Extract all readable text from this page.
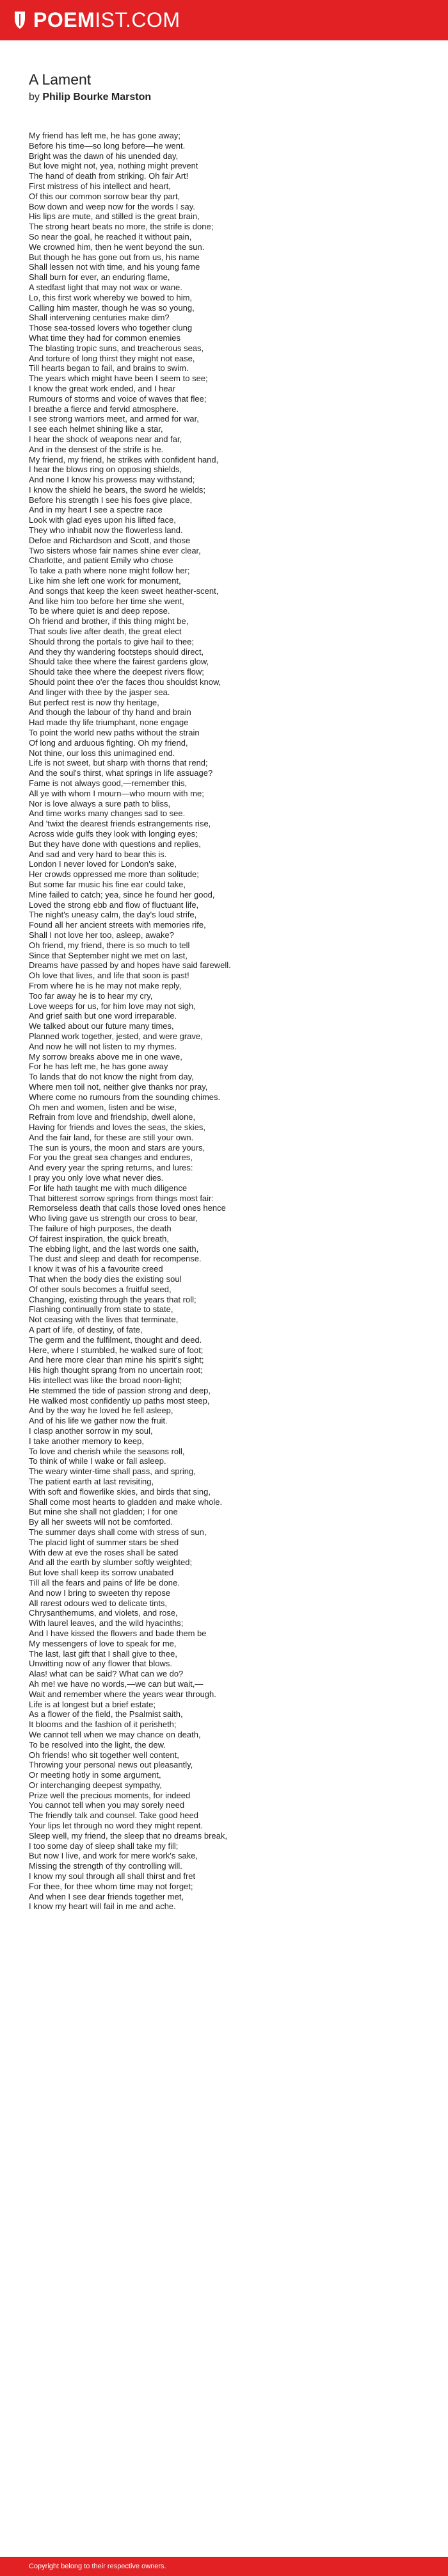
POEMIST.COM
A Lament
by Philip Bourke Marston
My friend has left me, he has gone away;
Before his time—so long before—he went.
Bright was the dawn of his unended day,
But love might not, yea, nothing might prevent
The hand of death from striking. Oh fair Art!
First mistress of his intellect and heart,
Of this our common sorrow bear thy part,
Bow down and weep now for the words I say.
His lips are mute, and stilled is the great brain,
The strong heart beats no more, the strife is done;
So near the goal, he reached it without pain,
We crowned him, then he went beyond the sun.
But though he has gone out from us, his name
Shall lessen not with time, and his young fame
Shall burn for ever, an enduring flame,
A stedfast light that may not wax or wane.
Lo, this first work whereby we bowed to him,
Calling him master, though he was so young,
Shall intervening centuries make dim?
Those sea-tossed lovers who together clung
What time they had for common enemies
The blasting tropic suns, and treacherous seas,
And torture of long thirst they might not ease,
Till hearts began to fail, and brains to swim.
The years which might have been I seem to see;
I know the great work ended, and I hear
Rumours of storms and voice of waves that flee;
I breathe a fierce and fervid atmosphere.
I see strong warriors meet, and armed for war,
I see each helmet shining like a star,
I hear the shock of weapons near and far,
And in the densest of the strife is he.
My friend, my friend, he strikes with confident hand,
I hear the blows ring on opposing shields,
And none I know his prowess may withstand;
I know the shield he bears, the sword he wields;
Before his strength I see his foes give place,
And in my heart I see a spectre race
Look with glad eyes upon his lifted face,
They who inhabit now the flowerless land.
Defoe and Richardson and Scott, and those
Two sisters whose fair names shine ever clear,
Charlotte, and patient Emily who chose
To take a path where none might follow her;
Like him she left one work for monument,
And songs that keep the keen sweet heather-scent,
And like him too before her time she went,
To be where quiet is and deep repose.
Oh friend and brother, if this thing might be,
That souls live after death, the great elect
Should throng the portals to give hail to thee;
And they thy wandering footsteps should direct,
Should take thee where the fairest gardens glow,
Should take thee where the deepest rivers flow;
Should point thee o'er the faces thou shouldst know,
And linger with thee by the jasper sea.
But perfect rest is now thy heritage,
And though the labour of thy hand and brain
Had made thy life triumphant, none engage
To point the world new paths without the strain
Of long and arduous fighting. Oh my friend,
Not thine, our loss this unimagined end.
Life is not sweet, but sharp with thorns that rend;
And the soul's thirst, what springs in life assuage?
Fame is not always good,—remember this,
All ye with whom I mourn—who mourn with me;
Nor is love always a sure path to bliss,
And time works many changes sad to see.
And 'twixt the dearest friends estrangements rise,
Across wide gulfs they look with longing eyes;
But they have done with questions and replies,
And sad and very hard to bear this is.
London I never loved for London's sake,
Her crowds oppressed me more than solitude;
But some far music his fine ear could take,
Mine failed to catch; yea, since he found her good,
Loved the strong ebb and flow of fluctuant life,
The night's uneasy calm, the day's loud strife,
Found all her ancient streets with memories rife,
Shall I not love her too, asleep, awake?
Oh friend, my friend, there is so much to tell
Since that September night we met on last,
Dreams have passed by and hopes have said farewell.
Oh love that lives, and life that soon is past!
From where he is he may not make reply,
Too far away he is to hear my cry,
Love weeps for us, for him love may not sigh,
And grief saith but one word irreparable.
We talked about our future many times,
Planned work together, jested, and were grave,
And now he will not listen to my rhymes.
My sorrow breaks above me in one wave,
For he has left me, he has gone away
To lands that do not know the night from day,
Where men toil not, neither give thanks nor pray,
Where come no rumours from the sounding chimes.
Oh men and women, listen and be wise,
Refrain from love and friendship, dwell alone,
Having for friends and loves the seas, the skies,
And the fair land, for these are still your own.
The sun is yours, the moon and stars are yours,
For you the great sea changes and endures,
And every year the spring returns, and lures:
I pray you only love what never dies.
For life hath taught me with much diligence
That bitterest sorrow springs from things most fair:
Remorseless death that calls those loved ones hence
Who living gave us strength our cross to bear,
The failure of high purposes, the death
Of fairest inspiration, the quick breath,
The ebbing light, and the last words one saith,
The dust and sleep and death for recompense.
I know it was of his a favourite creed
That when the body dies the existing soul
Of other souls becomes a fruitful seed,
Changing, existing through the years that roll;
Flashing continually from state to state,
Not ceasing with the lives that terminate,
A part of life, of destiny, of fate,
The germ and the fulfilment, thought and deed.
Here, where I stumbled, he walked sure of foot;
And here more clear than mine his spirit's sight;
His high thought sprang from no uncertain root;
His intellect was like the broad noon-light;
He stemmed the tide of passion strong and deep,
He walked most confidently up paths most steep,
And by the way he loved he fell asleep,
And of his life we gather now the fruit.
I clasp another sorrow in my soul,
I take another memory to keep,
To love and cherish while the seasons roll,
To think of while I wake or fall asleep.
The weary winter-time shall pass, and spring,
The patient earth at last revisiting,
With soft and flowerlike skies, and birds that sing,
Shall come most hearts to gladden and make whole.
But mine she shall not gladden; I for one
By all her sweets will not be comforted.
The summer days shall come with stress of sun,
The placid light of summer stars be shed
With dew at eve the roses shall be sated
And all the earth by slumber softly weighted;
But love shall keep its sorrow unabated
Till all the fears and pains of life be done.
And now I bring to sweeten thy repose
All rarest odours wed to delicate tints,
Chrysanthemums, and violets, and rose,
With laurel leaves, and the wild hyacinths;
And I have kissed the flowers and bade them be
My messengers of love to speak for me,
The last, last gift that I shall give to thee,
Unwitting now of any flower that blows.
Alas! what can be said? What can we do?
Ah me! we have no words,—we can but wait,—
Wait and remember where the years wear through.
Life is at longest but a brief estate;
As a flower of the field, the Psalmist saith,
It blooms and the fashion of it perisheth;
We cannot tell when we may chance on death,
To be resolved into the light, the dew.
Oh friends! who sit together well content,
Throwing your personal news out pleasantly,
Or meeting hotly in some argument,
Or interchanging deepest sympathy,
Prize well the precious moments, for indeed
You cannot tell when you may sorely need
The friendly talk and counsel. Take good heed
Your lips let through no word they might repent.
Sleep well, my friend, the sleep that no dreams break,
I too some day of sleep shall take my fill;
But now I live, and work for mere work's sake,
Missing the strength of thy controlling will.
I know my soul through all shall thirst and fret
For thee, for thee whom time may not forget;
And when I see dear friends together met,
I know my heart will fail in me and ache.
Copyright belong to their respective owners.
